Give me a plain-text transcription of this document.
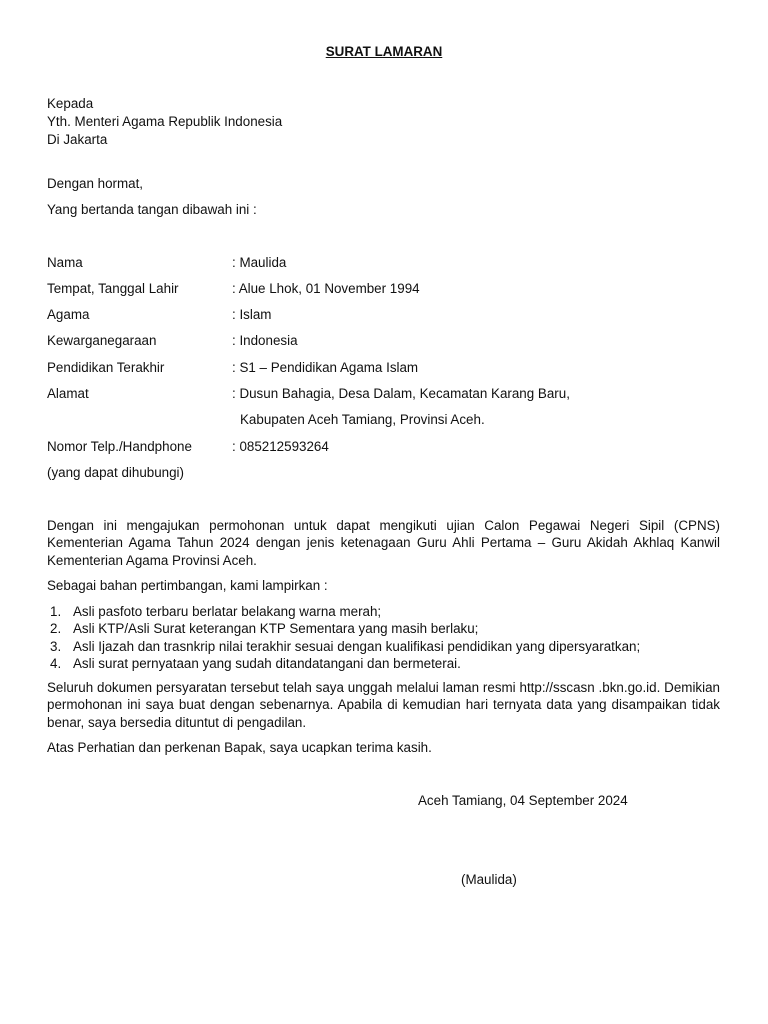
SURAT LAMARAN
Kepada
Yth. Menteri Agama Republik Indonesia
Di Jakarta
Dengan hormat,
Yang bertanda tangan dibawah ini :
Nama	: Maulida
Tempat, Tanggal Lahir	: Alue Lhok, 01 November 1994
Agama	: Islam
Kewarganegaraan	: Indonesia
Pendidikan Terakhir	: S1 – Pendidikan Agama Islam
Alamat	: Dusun Bahagia, Desa Dalam, Kecamatan Karang Baru,
Kabupaten Aceh Tamiang, Provinsi Aceh.
Nomor Telp./Handphone	: 085212593264
(yang dapat dihubungi)
Dengan ini mengajukan permohonan untuk dapat mengikuti ujian Calon Pegawai Negeri Sipil (CPNS) Kementerian Agama Tahun 2024 dengan jenis ketenagaan Guru Ahli Pertama – Guru Akidah Akhlaq Kanwil Kementerian Agama Provinsi Aceh.
Sebagai bahan pertimbangan, kami lampirkan :
1. Asli pasfoto terbaru berlatar belakang warna merah;
2. Asli KTP/Asli Surat keterangan KTP Sementara yang masih berlaku;
3. Asli Ijazah dan trasnkrip nilai terakhir sesuai dengan kualifikasi pendidikan yang dipersyaratkan;
4. Asli surat pernyataan yang sudah ditandatangani dan bermeterai.
Seluruh dokumen persyaratan tersebut telah saya unggah melalui laman resmi http://sscasn .bkn.go.id. Demikian permohonan ini saya buat dengan sebenarnya. Apabila di kemudian hari ternyata data yang disampaikan tidak benar, saya bersedia dituntut di pengadilan.
Atas Perhatian dan perkenan Bapak, saya ucapkan terima kasih.
Aceh Tamiang, 04 September 2024
(Maulida)
